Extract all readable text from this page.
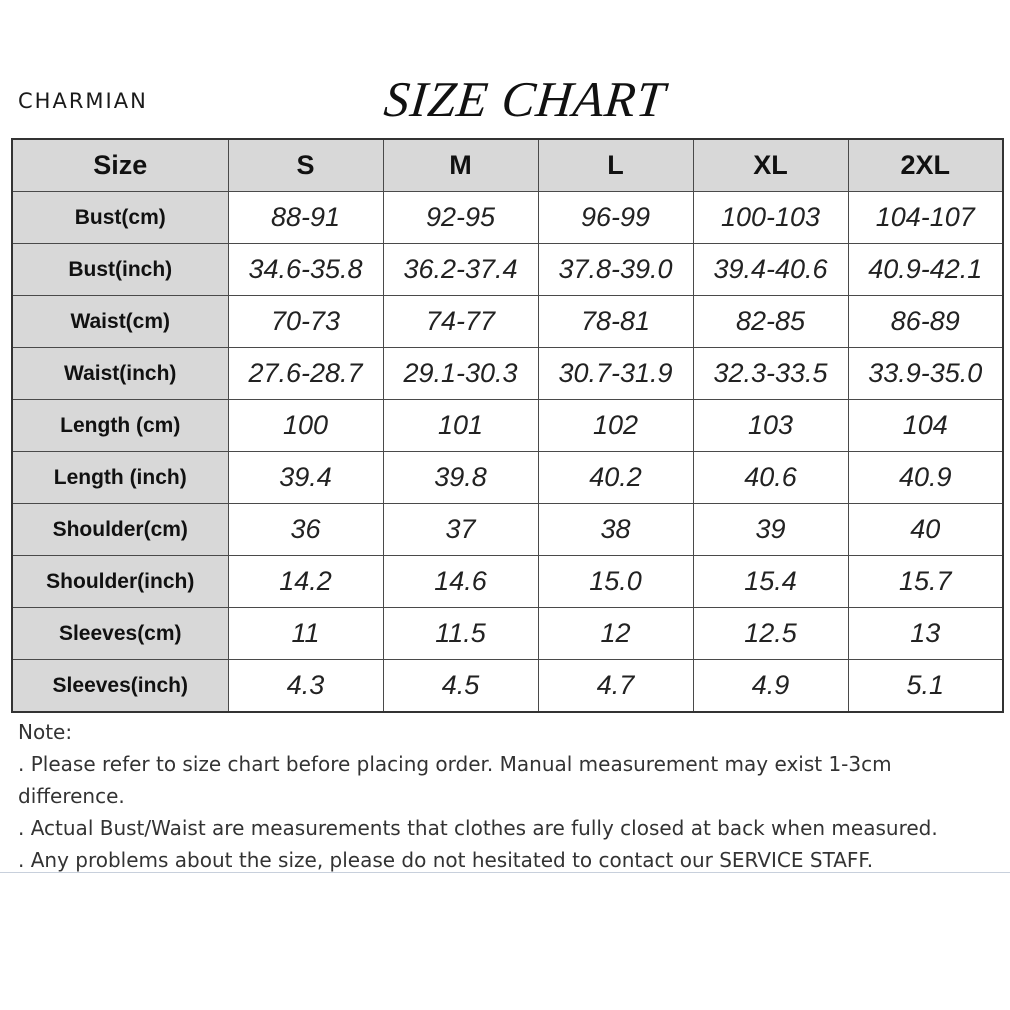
CHARMIAN	SIZE CHART
Size	S	M	L	XL	2XL
Bust(cm)	88-91	92-95	96-99	100-103	104-107
Bust(inch)	34.6-35.8	36.2-37.4	37.8-39.0	39.4-40.6	40.9-42.1
Waist(cm)	70-73	74-77	78-81	82-85	86-89
Waist(inch)	27.6-28.7	29.1-30.3	30.7-31.9	32.3-33.5	33.9-35.0
Length (cm)	100	101	102	103	104
Length (inch)	39.4	39.8	40.2	40.6	40.9
Shoulder(cm)	36	37	38	39	40
Shoulder(inch)	14.2	14.6	15.0	15.4	15.7
Sleeves(cm)	11	11.5	12	12.5	13
Sleeves(inch)	4.3	4.5	4.7	4.9	5.1

Note:

. Please refer to size chart before placing order. Manual measurement may exist 1-3cm difference.

. Actual Bust/Waist are measurements that clothes are fully closed at back when measured.

. Any problems about the size, please do not hesitated to contact our SERVICE STAFF.
